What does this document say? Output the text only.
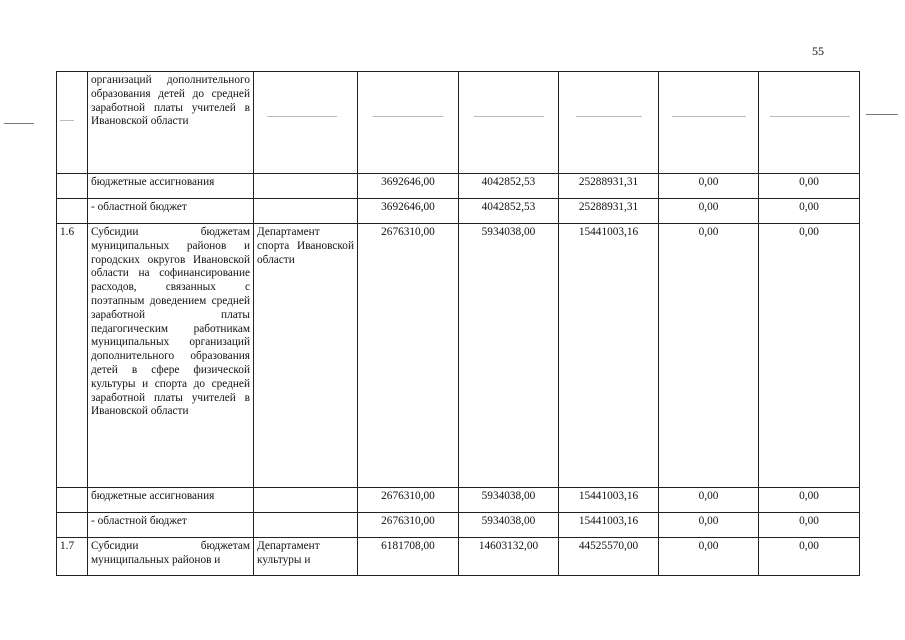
55
	организаций дополнительного образования детей до средней заработной платы учителей в Ивановской области	

	бюджетные ассигнования		3692646,00	4042852,53	25288931,31	0,00	0,00
	- областной бюджет		3692646,00	4042852,53	25288931,31	0,00	0,00
1.6	Субсидии бюджетам муниципальных районов и городских округов Ивановской области на софинансирование расходов, связанных с поэтапным доведением средней заработной платы педагогическим работникам муниципальных организаций дополнительного образования детей в сфере физической культуры и спорта до средней заработной платы учителей в Ивановской области	Департамент спорта Ивановской области	2676310,00	5934038,00	15441003,16	0,00	0,00
	бюджетные ассигнования		2676310,00	5934038,00	15441003,16	0,00	0,00
	- областной бюджет		2676310,00	5934038,00	15441003,16	0,00	0,00
1.7	Субсидии бюджетам муниципальных районов и	Департамент культуры и	6181708,00	14603132,00	44525570,00	0,00	0,00
